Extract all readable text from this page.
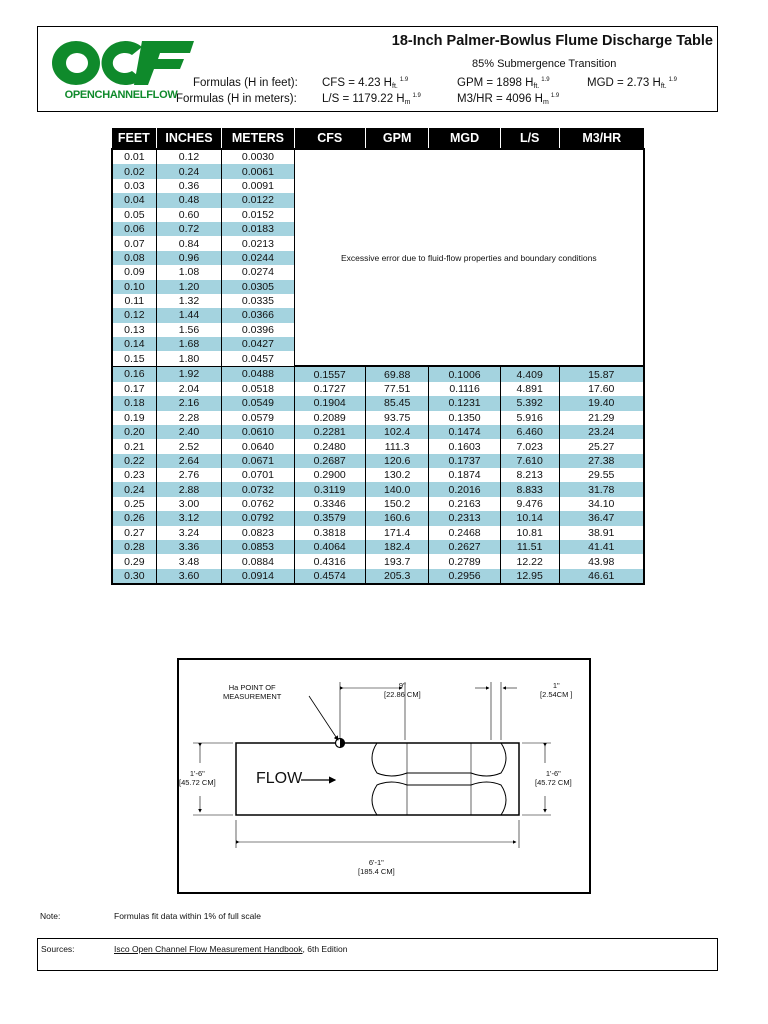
OPENCHANNELFLOW
18-Inch Palmer-Bowlus Flume Discharge Table
85% Submergence Transition
Formulas (H in feet): CFS = 4.23 $H_{ft.}^{1.9}$	GPM = 1898 $H_{ft.}^{1.9}$	MGD = 2.73 $H_{ft.}^{1.9}$
Formulas (H in meters): L/S = 1179.22 $H_m^{1.9}$	M3/HR = 4096 $H_m^{1.9}$
FEET	INCHES	METERS	CFS	GPM	MGD	L/S	M3/HR
0.01	0.12	0.0030	Excessive error due to fluid-flow properties and boundary conditions				
0.02	0.24	0.0061					
0.03	0.36	0.0091					
0.04	0.48	0.0122					
0.05	0.60	0.0152					
0.06	0.72	0.0183					
0.07	0.84	0.0213					
0.08	0.96	0.0244					
0.09	1.08	0.0274					
0.10	1.20	0.0305					
0.11	1.32	0.0335					
0.12	1.44	0.0366					
0.13	1.56	0.0396					
0.14	1.68	0.0427					
0.15	1.80	0.0457					
0.16	1.92	0.0488	0.1557	69.88	0.1006	4.409	15.87
0.17	2.04	0.0518	0.1727	77.51	0.1116	4.891	17.60
0.18	2.16	0.0549	0.1904	85.45	0.1231	5.392	19.40
0.19	2.28	0.0579	0.2089	93.75	0.1350	5.916	21.29
0.20	2.40	0.0610	0.2281	102.4	0.1474	6.460	23.24
0.21	2.52	0.0640	0.2480	111.3	0.1603	7.023	25.27
0.22	2.64	0.0671	0.2687	120.6	0.1737	7.610	27.38
0.23	2.76	0.0701	0.2900	130.2	0.1874	8.213	29.55
0.24	2.88	0.0732	0.3119	140.0	0.2016	8.833	31.78
0.25	3.00	0.0762	0.3346	150.2	0.2163	9.476	34.10
0.26	3.12	0.0792	0.3579	160.6	0.2313	10.14	36.47
0.27	3.24	0.0823	0.3818	171.4	0.2468	10.81	38.91
0.28	3.36	0.0853	0.4064	182.4	0.2627	11.51	41.41
0.29	3.48	0.0884	0.4316	193.7	0.2789	12.22	43.98
0.30	3.60	0.0914	0.4574	205.3	0.2956	12.95	46.61
Ha POINT OF
MEASUREMENT
9"
[22.86 CM]
1"
[2.54CM ]
1'-6"
[45.72 CM]
1'-6"
[45.72 CM]
6'-1"
[185.4 CM]
FLOW
Note:	Formulas fit data within 1% of full scale
Sources:	Isco Open Channel Flow Measurement Handbook, 6th Edition
